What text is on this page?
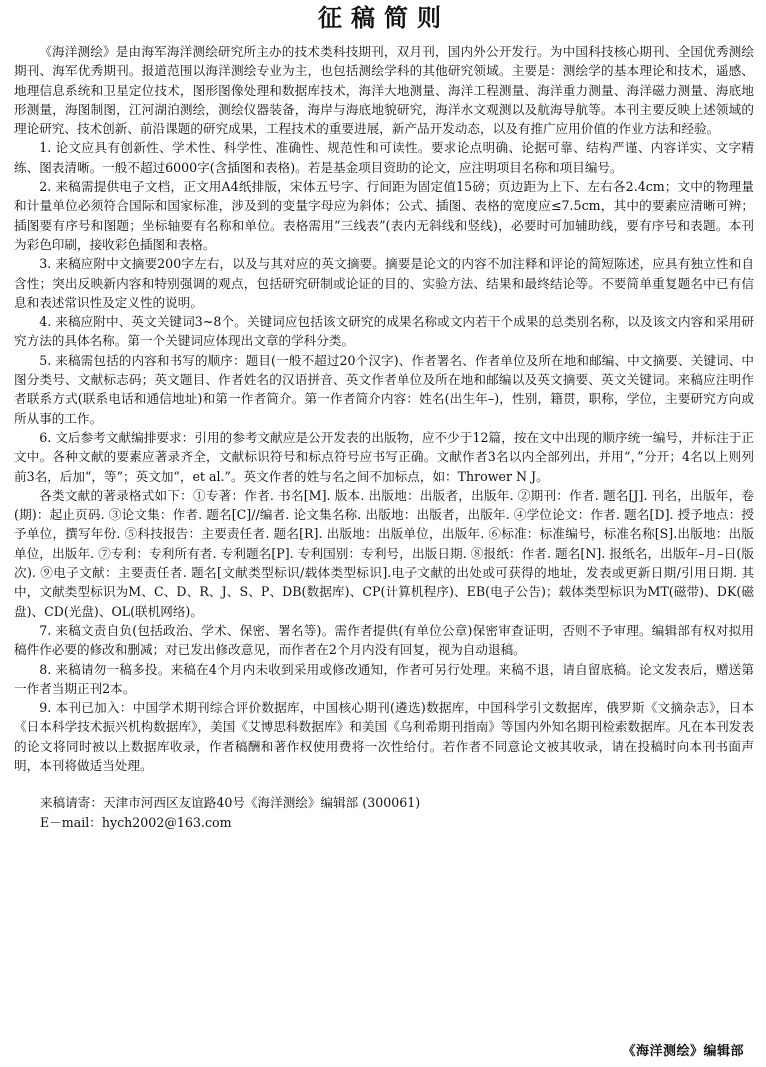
征稿简则

《海洋测绘》是由海军海洋测绘研究所主办的技术类科技期刊，双月刊，国内外公开发行。为中国科技核心期刊、全国优秀测绘期刊、海军优秀期刊。报道范围以海洋测绘专业为主，也包括测绘学科的其他研究领域。主要是：测绘学的基本理论和技术，遥感、地理信息系统和卫星定位技术，图形图像处理和数据库技术，海洋大地测量、海洋工程测量、海洋重力测量、海洋磁力测量、海底地形测量，海图制图，江河湖泊测绘，测绘仪器装备，海岸与海底地貌研究，海洋水文观测以及航海导航等。本刊主要反映上述领域的理论研究、技术创新、前沿课题的研究成果，工程技术的重要进展，新产品开发动态，以及有推广应用价值的作业方法和经验。

1. 论文应具有创新性、学术性、科学性、准确性、规范性和可读性。要求论点明确、论据可靠、结构严谨、内容详实、文字精练、图表清晰。一般不超过6000字(含插图和表格)。若是基金项目资助的论文，应注明项目名称和项目编号。

2. 来稿需提供电子文档，正文用A4纸排版，宋体五号字、行间距为固定值15磅；页边距为上下、左右各2.4cm；文中的物理量和计量单位必须符合国际和国家标准，涉及到的变量字母应为斜体；公式、插图、表格的宽度应≤7.5cm，其中的要素应清晰可辨；插图要有序号和图题；坐标轴要有名称和单位。表格需用“三线表”(表内无斜线和竖线)，必要时可加辅助线，要有序号和表题。本刊为彩色印刷，接收彩色插图和表格。

3. 来稿应附中文摘要200字左右，以及与其对应的英文摘要。摘要是论文的内容不加注释和评论的简短陈述，应具有独立性和自含性；突出反映新内容和特别强调的观点，包括研究研制或论证的目的、实验方法、结果和最终结论等。不要简单重复题名中已有信息和表述常识性及定义性的说明。

4. 来稿应附中、英文关键词3~8个。关键词应包括该文研究的成果名称或文内若干个成果的总类别名称，以及该文内容和采用研究方法的具体名称。第一个关键词应体现出文章的学科分类。

5. 来稿需包括的内容和书写的顺序：题目(一般不超过20个汉字)、作者署名、作者单位及所在地和邮编、中文摘要、关键词、中图分类号、文献标志码；英文题目、作者姓名的汉语拼音、英文作者单位及所在地和邮编以及英文摘要、英文关键词。来稿应注明作者联系方式(联系电话和通信地址)和第一作者简介。第一作者简介内容：姓名(出生年–)，性别，籍贯，职称，学位，主要研究方向或所从事的工作。

6. 文后参考文献编排要求：引用的参考文献应是公开发表的出版物，应不少于12篇，按在文中出现的顺序统一编号，并标注于正文中。各种文献的要素应著录齐全，文献标识符号和标点符号应书写正确。文献作者3名以内全部列出，并用“，”分开；4名以上则列前3名，后加“，等”；英文加“，et al.”。英文作者的姓与名之间不加标点，如：Thrower N J。

各类文献的著录格式如下：①专著：作者. 书名[M]. 版本. 出版地：出版者，出版年. ②期刊：作者. 题名[J]. 刊名，出版年，卷(期)：起止页码. ③论文集：作者. 题名[C]//编者. 论文集名称. 出版地：出版者，出版年. ④学位论文：作者. 题名[D]. 授予地点：授予单位，撰写年份. ⑤科技报告：主要责任者. 题名[R]. 出版地：出版单位，出版年. ⑥标准：标准编号，标准名称[S].出版地：出版单位，出版年. ⑦专利：专利所有者. 专利题名[P]. 专利国别：专利号，出版日期. ⑧报纸：作者. 题名[N]. 报纸名，出版年–月–日(版次). ⑨电子文献：主要责任者. 题名[文献类型标识/载体类型标识].电子文献的出处或可获得的地址，发表或更新日期/引用日期. 其中，文献类型标识为M、C、D、R、J、S、P、DB(数据库)、CP(计算机程序)、EB(电子公告)；载体类型标识为MT(磁带)、DK(磁盘)、CD(光盘)、OL(联机网络)。

7. 来稿文责自负(包括政治、学术、保密、署名等)。需作者提供(有单位公章)保密审查证明，否则不予审理。编辑部有权对拟用稿件作必要的修改和删减；对已发出修改意见，而作者在2个月内没有回复，视为自动退稿。

8. 来稿请勿一稿多投。来稿在4个月内未收到采用或修改通知，作者可另行处理。来稿不退，请自留底稿。论文发表后，赠送第一作者当期正刊2本。

9. 本刊已加入：中国学术期刊综合评价数据库，中国核心期刊(遴选)数据库，中国科学引文数据库，俄罗斯《文摘杂志》，日本《日本科学技术振兴机构数据库》，美国《艾博思科数据库》和美国《乌利希期刊指南》等国内外知名期刊检索数据库。凡在本刊发表的论文将同时被以上数据库收录，作者稿酬和著作权使用费将一次性给付。若作者不同意论文被其收录，请在投稿时向本刊书面声明，本刊将做适当处理。

来稿请寄：天津市河西区友谊路40号《海洋测绘》编辑部 (300061)
E－mail：hych2002@163.com
《海洋测绘》编辑部
